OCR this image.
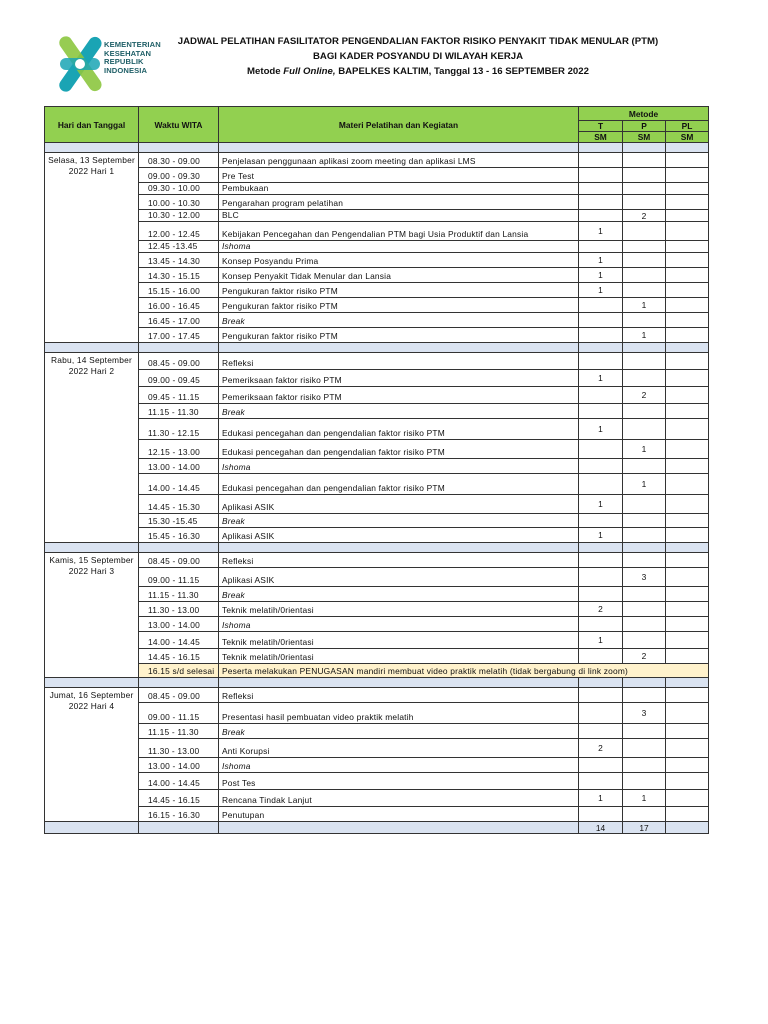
KEMENTERIAN
KESEHATAN
REPUBLIK
INDONESIA
JADWAL PELATIHAN FASILITATOR PENGENDALIAN FAKTOR RISIKO PENYAKIT TIDAK MENULAR (PTM)
BAGI KADER POSYANDU DI WILAYAH KERJA
Metode Full Online, BAPELKES KALTIM, Tanggal 13 - 16 SEPTEMBER 2022
Hari dan Tanggal	Waktu WITA	Materi Pelatihan dan Kegiatan	Metode		
			T	P	PL
			SM	SM	SM

Selasa, 13 September 2022 Hari 1	08.30 - 09.00	Penjelasan penggunaan aplikasi zoom meeting dan aplikasi LMS			
	09.00 - 09.30	Pre Test			
	09.30 - 10.00	Pembukaan			
	10.00 - 10.30	Pengarahan program pelatihan			
	10.30 - 12.00	BLC		2	
	12.00 - 12.45	Kebijakan Pencegahan dan Pengendalian PTM bagi Usia Produktif dan Lansia	1		
	12.45 -13.45	Ishoma			
	13.45 - 14.30	Konsep Posyandu Prima	1		
	14.30 - 15.15	Konsep Penyakit Tidak Menular dan Lansia	1		
	15.15 - 16.00	Pengukuran faktor risiko PTM	1		
	16.00 - 16.45	Pengukuran faktor risiko PTM		1	
	16.45 - 17.00	Break			
	17.00 - 17.45	Pengukuran faktor risiko PTM		1	

Rabu, 14 September 2022 Hari 2	08.45 - 09.00	Refleksi			
	09.00 - 09.45	Pemeriksaan faktor risiko PTM	1		
	09.45 - 11.15	Pemeriksaan faktor risiko PTM		2	
	11.15 - 11.30	Break			
	11.30 - 12.15	Edukasi pencegahan dan pengendalian faktor risiko PTM	1		
	12.15 - 13.00	Edukasi pencegahan dan pengendalian faktor risiko PTM		1	
	13.00 - 14.00	Ishoma			
	14.00 - 14.45	Edukasi pencegahan dan pengendalian faktor risiko PTM		1	
	14.45 - 15.30	Aplikasi ASIK	1		
	15.30 -15.45	Break			
	15.45 - 16.30	Aplikasi ASIK	1		

Kamis, 15 September 2022 Hari 3	08.45 - 09.00	Refleksi			
	09.00 - 11.15	Aplikasi ASIK		3	
	11.15 - 11.30	Break			
	11.30 - 13.00	Teknik melatih/0rientasi	2		
	13.00 - 14.00	Ishoma			
	14.00 - 14.45	Teknik melatih/0rientasi	1		
	14.45 - 16.15	Teknik melatih/0rientasi		2	
	16.15 s/d selesai	Peserta melakukan PENUGASAN mandiri membuat video praktik melatih (tidak bergabung di link zoom)			

Jumat, 16 September 2022 Hari 4	08.45 - 09.00	Refleksi			
	09.00 - 11.15	Presentasi hasil pembuatan video praktik melatih		3	
	11.15 - 11.30	Break			
	11.30 - 13.00	Anti Korupsi	2		
	13.00 - 14.00	Ishoma			
	14.00 - 14.45	Post Tes			
	14.45 - 16.15	Rencana Tindak Lanjut	1	1	
	16.15 - 16.30	Penutupan			
			14	17	
